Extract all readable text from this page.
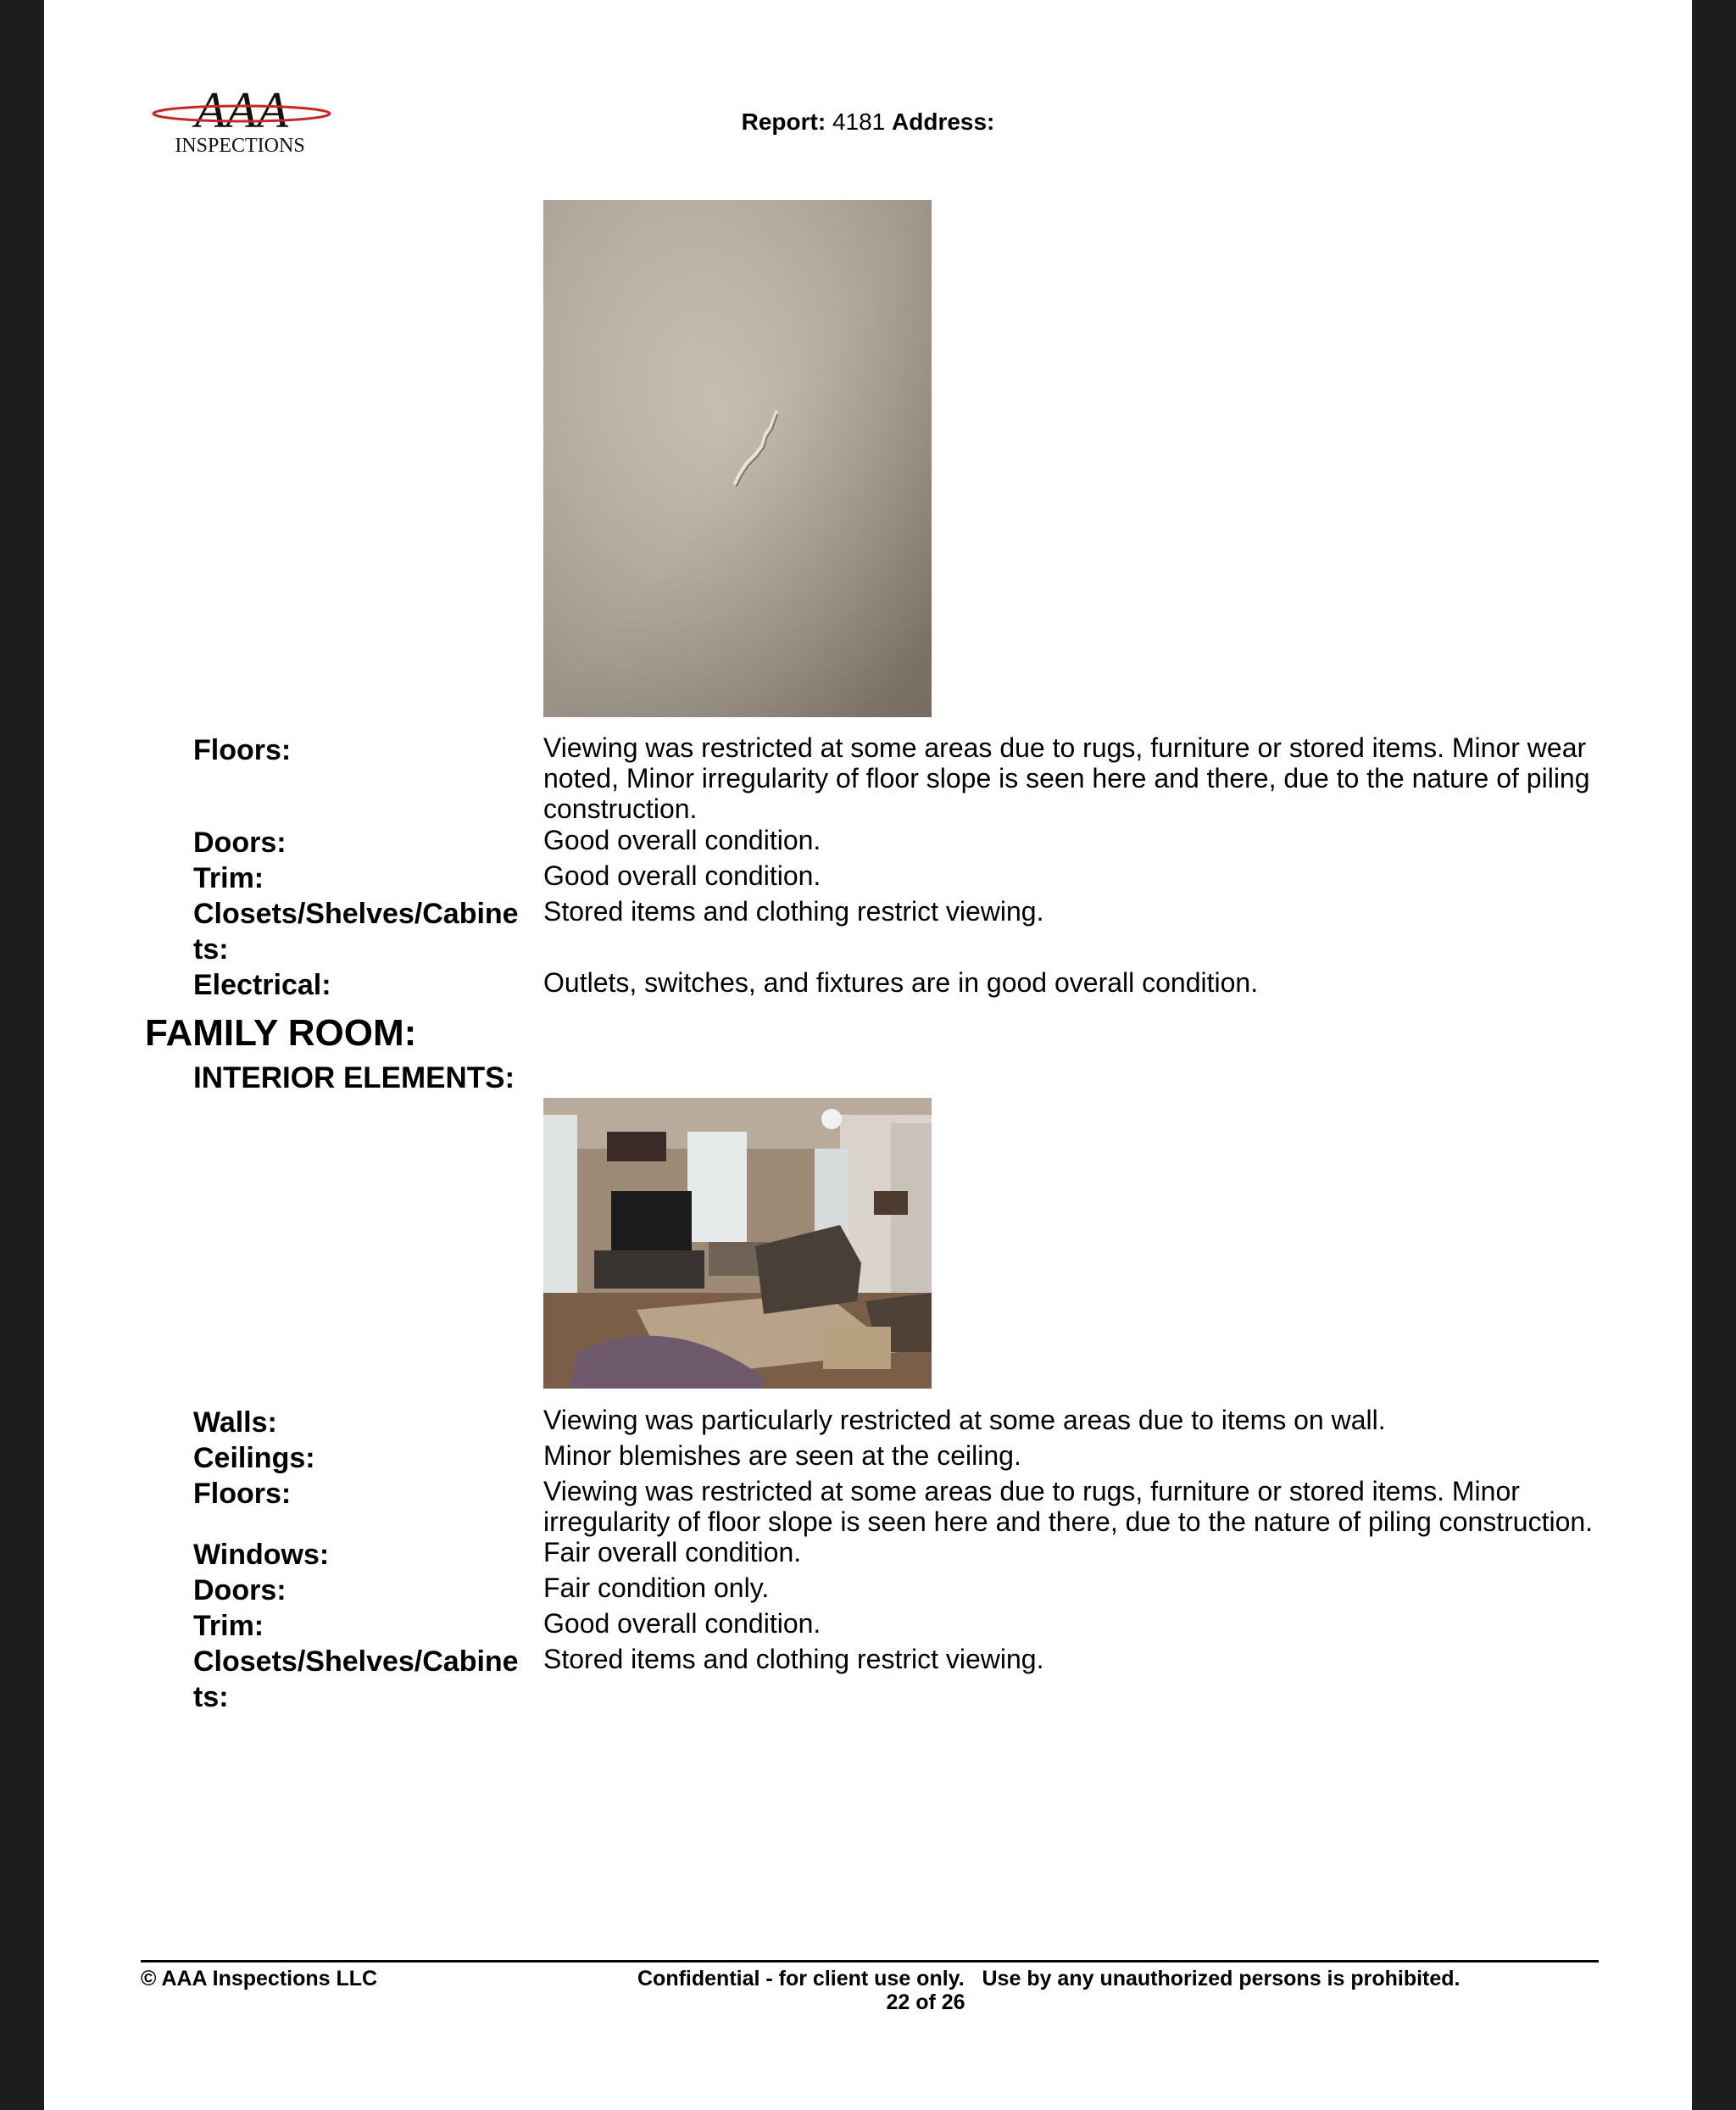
AAA
INSPECTIONS
Report: 4181 Address:
Floors:	Viewing was restricted at some areas due to rugs, furniture or stored items. Minor wear noted, Minor irregularity of floor slope is seen here and there, due to the nature of piling construction.
Doors:	Good overall condition.
Trim:	Good overall condition.
Closets/Shelves/Cabine ts:
Stored items and clothing restrict viewing.
Electrical:	Outlets, switches, and fixtures are in good overall condition.
FAMILY ROOM:
INTERIOR ELEMENTS:
Walls:	Viewing was particularly restricted at some areas due to items on wall.
Ceilings:	Minor blemishes are seen at the ceiling.
Floors:	Viewing was restricted at some areas due to rugs, furniture or stored items. Minor irregularity of floor slope is seen here and there, due to the nature of piling construction.
Windows:	Fair overall condition.
Doors:	Fair condition only.
Trim:	Good overall condition.
Closets/Shelves/Cabine ts:
Stored items and clothing restrict viewing.
© AAA Inspections LLC	Confidential - for client use only.   Use by any unauthorized persons is prohibited.
22 of 26
